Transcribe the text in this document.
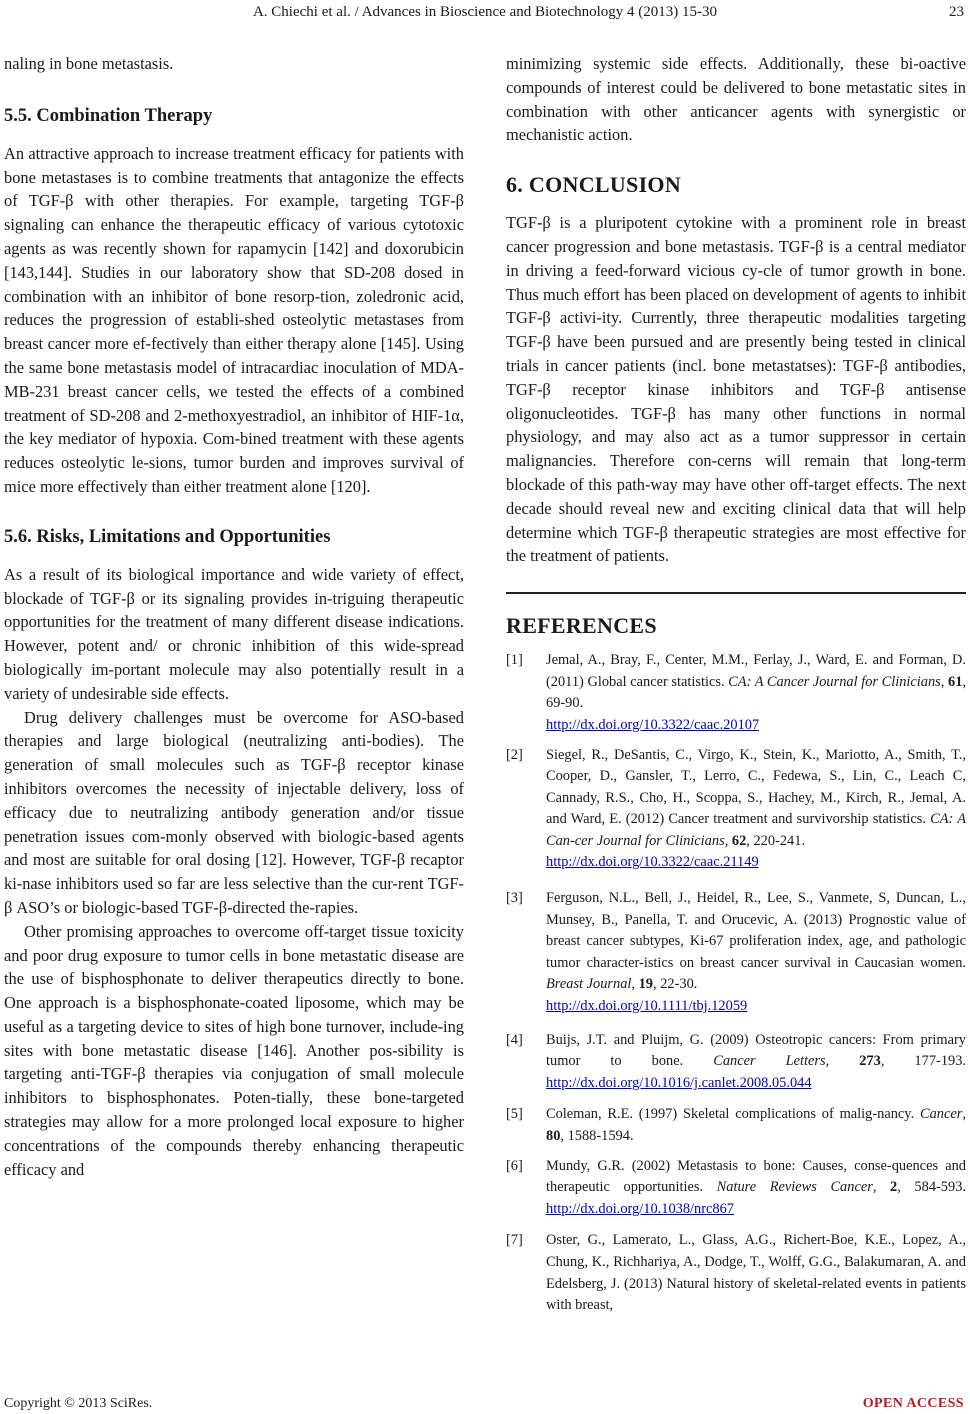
A. Chiechi et al. / Advances in Bioscience and Biotechnology 4 (2013) 15-30	23

naling in bone metastasis.

5.5. Combination Therapy

An attractive approach to increase treatment efficacy for patients with bone metastases is to combine treatments that antagonize the effects of TGF-β with other therapies. For example, targeting TGF-β signaling can enhance the therapeutic efficacy of various cytotoxic agents as was recently shown for rapamycin [142] and doxorubicin [143,144]. Studies in our laboratory show that SD-208 dosed in combination with an inhibitor of bone resorp-tion, zoledronic acid, reduces the progression of establi-shed osteolytic metastases from breast cancer more ef-fectively than either therapy alone [145]. Using the same bone metastasis model of intracardiac inoculation of MDA-MB-231 breast cancer cells, we tested the effects of a combined treatment of SD-208 and 2-methoxyestradiol, an inhibitor of HIF-1α, the key mediator of hypoxia. Com-bined treatment with these agents reduces osteolytic le-sions, tumor burden and improves survival of mice more effectively than either treatment alone [120].

5.6. Risks, Limitations and Opportunities

As a result of its biological importance and wide variety of effect, blockade of TGF-β or its signaling provides in-triguing therapeutic opportunities for the treatment of many different disease indications. However, potent and/ or chronic inhibition of this wide-spread biologically im-portant molecule may also potentially result in a variety of undesirable side effects.

Drug delivery challenges must be overcome for ASO-based therapies and large biological (neutralizing anti-bodies). The generation of small molecules such as TGF-β receptor kinase inhibitors overcomes the necessity of injectable delivery, loss of efficacy due to neutralizing antibody generation and/or tissue penetration issues com-monly observed with biologic-based agents and most are suitable for oral dosing [12]. However, TGF-β recaptor ki-nase inhibitors used so far are less selective than the cur-rent TGF-β ASO’s or biologic-based TGF-β-directed the-rapies.

Other promising approaches to overcome off-target tissue toxicity and poor drug exposure to tumor cells in bone metastatic disease are the use of bisphosphonate to deliver therapeutics directly to bone. One approach is a bisphosphonate-coated liposome, which may be useful as a targeting device to sites of high bone turnover, include-ing sites with bone metastatic disease [146]. Another pos-sibility is targeting anti-TGF-β therapies via conjugation of small molecule inhibitors to bisphosphonates. Poten-tially, these bone-targeted strategies may allow for a more prolonged local exposure to higher concentrations of the compounds thereby enhancing therapeutic efficacy and

minimizing systemic side effects. Additionally, these bi-oactive compounds of interest could be delivered to bone metastatic sites in combination with other anticancer agents with synergistic or mechanistic action.

6. CONCLUSION

TGF-β is a pluripotent cytokine with a prominent role in breast cancer progression and bone metastasis. TGF-β is a central mediator in driving a feed-forward vicious cy-cle of tumor growth in bone. Thus much effort has been placed on development of agents to inhibit TGF-β activi-ity. Currently, three therapeutic modalities targeting TGF-β have been pursued and are presently being tested in clinical trials in cancer patients (incl. bone metastatses): TGF-β antibodies, TGF-β receptor kinase inhibitors and TGF-β antisense oligonucleotides. TGF-β has many other functions in normal physiology, and may also act as a tumor suppressor in certain malignancies. Therefore con-cerns will remain that long-term blockade of this path-way may have other off-target effects. The next decade should reveal new and exciting clinical data that will help determine which TGF-β therapeutic strategies are most effective for the treatment of patients.

REFERENCES
[1] Jemal, A., Bray, F., Center, M.M., Ferlay, J., Ward, E. and Forman, D. (2011) Global cancer statistics. CA: A Cancer Journal for Clinicians, 61, 69-90.
http://dx.doi.org/10.3322/caac.20107
[2] Siegel, R., DeSantis, C., Virgo, K., Stein, K., Mariotto, A., Smith, T., Cooper, D., Gansler, T., Lerro, C., Fedewa, S., Lin, C., Leach C, Cannady, R.S., Cho, H., Scoppa, S., Hachey, M., Kirch, R., Jemal, A. and Ward, E. (2012) Cancer treatment and survivorship statistics. CA: A Can-cer Journal for Clinicians, 62, 220-241.
http://dx.doi.org/10.3322/caac.21149
[3] Ferguson, N.L., Bell, J., Heidel, R., Lee, S., Vanmete, S, Duncan, L., Munsey, B., Panella, T. and Orucevic, A. (2013) Prognostic value of breast cancer subtypes, Ki-67 proliferation index, age, and pathologic tumor character-istics on breast cancer survival in Caucasian women. Breast Journal, 19, 22-30.
http://dx.doi.org/10.1111/tbj.12059
[4] Buijs, J.T. and Pluijm, G. (2009) Osteotropic cancers: From primary tumor to bone. Cancer Letters, 273, 177-193. http://dx.doi.org/10.1016/j.canlet.2008.05.044
[5] Coleman, R.E. (1997) Skeletal complications of malig-nancy. Cancer, 80, 1588-1594.
[6] Mundy, G.R. (2002) Metastasis to bone: Causes, conse-quences and therapeutic opportunities. Nature Reviews Cancer, 2, 584-593. http://dx.doi.org/10.1038/nrc867
[7] Oster, G., Lamerato, L., Glass, A.G., Richert-Boe, K.E., Lopez, A., Chung, K., Richhariya, A., Dodge, T., Wolff, G.G., Balakumaran, A. and Edelsberg, J. (2013) Natural history of skeletal-related events in patients with breast,
Copyright © 2013 SciRes.	OPEN ACCESS
